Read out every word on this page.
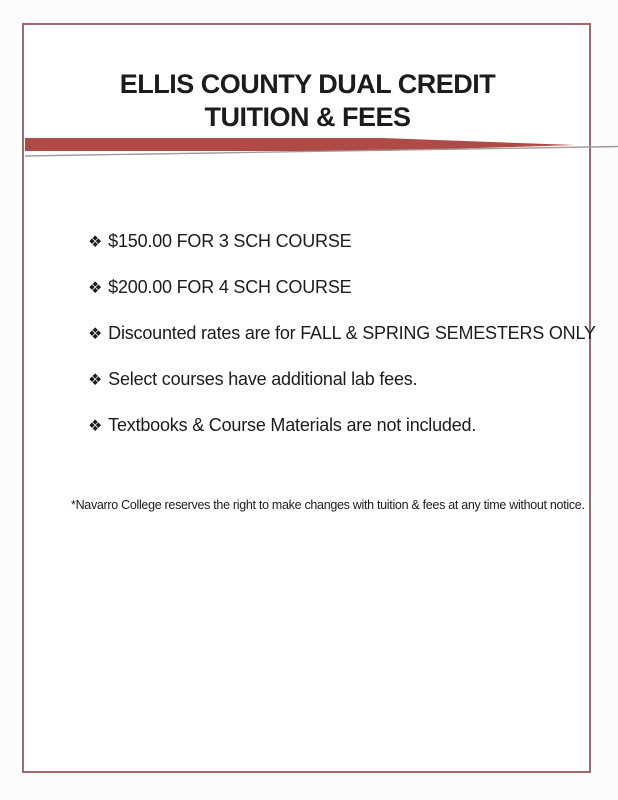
ELLIS COUNTY DUAL CREDIT
TUITION & FEES
❖ $150.00 FOR 3 SCH COURSE
❖ $200.00 FOR 4 SCH COURSE
❖ Discounted rates are for FALL & SPRING SEMESTERS ONLY
❖ Select courses have additional lab fees.
❖ Textbooks & Course Materials are not included.
*Navarro College reserves the right to make changes with tuition & fees at any time without notice.
